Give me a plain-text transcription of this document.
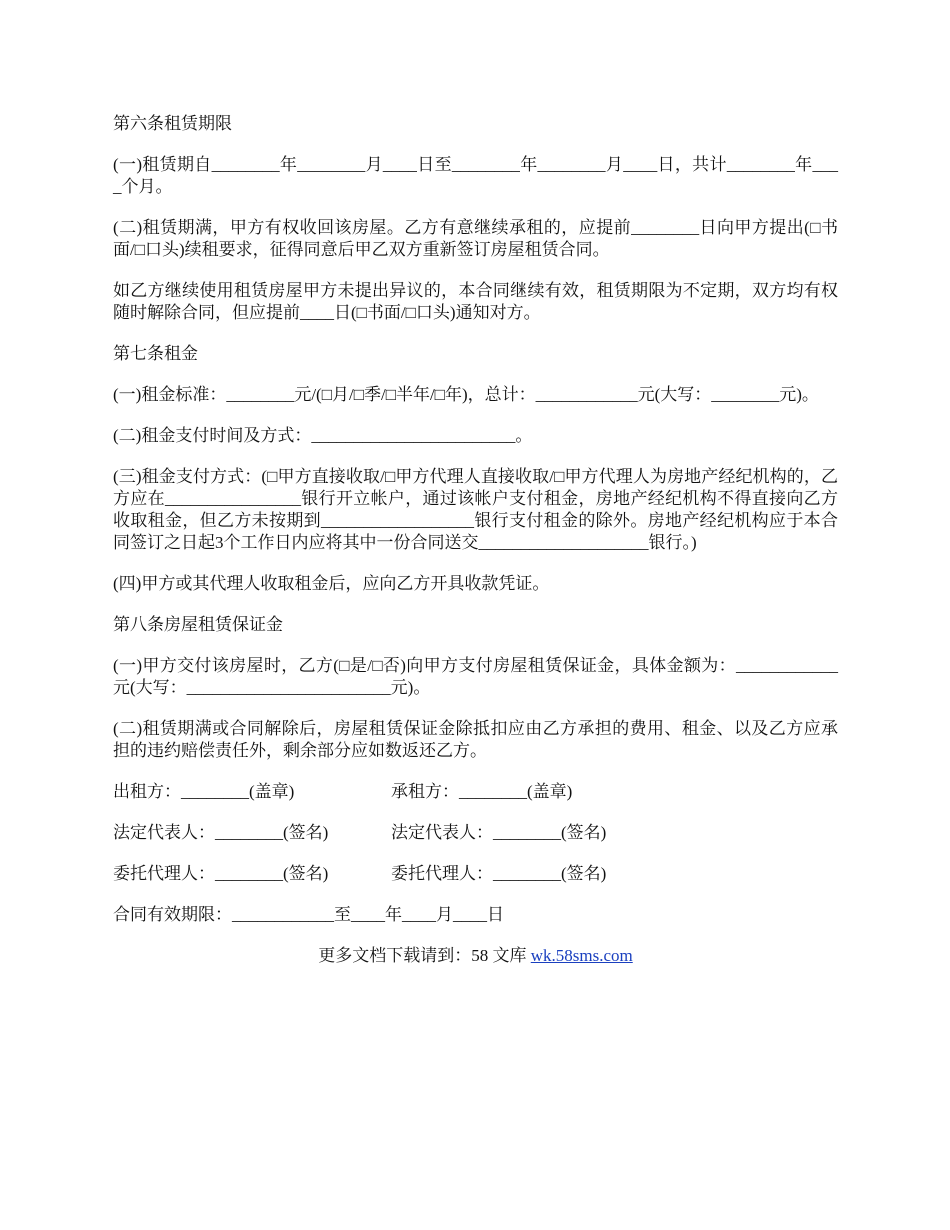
第六条租赁期限

(一)租赁期自________年________月____日至________年________月____日，共计________年____个月。

(二)租赁期满，甲方有权收回该房屋。乙方有意继续承租的，应提前________日向甲方提出(□书面/□口头)续租要求，征得同意后甲乙双方重新签订房屋租赁合同。

如乙方继续使用租赁房屋甲方未提出异议的，本合同继续有效，租赁期限为不定期，双方均有权随时解除合同，但应提前____日(□书面/□口头)通知对方。

第七条租金

(一)租金标准：________元/(□月/□季/□半年/□年)，总计：____________元(大写：________元)。

(二)租金支付时间及方式：________________________。

(三)租金支付方式：(□甲方直接收取/□甲方代理人直接收取/□甲方代理人为房地产经纪机构的，乙方应在________________银行开立帐户，通过该帐户支付租金，房地产经纪机构不得直接向乙方收取租金，但乙方未按期到__________________银行支付租金的除外。房地产经纪机构应于本合同签订之日起3个工作日内应将其中一份合同送交____________________银行。)

(四)甲方或其代理人收取租金后，应向乙方开具收款凭证。

第八条房屋租赁保证金

(一)甲方交付该房屋时，乙方(□是/□否)向甲方支付房屋租赁保证金，具体金额为：____________元(大写：________________________元)。

(二)租赁期满或合同解除后，房屋租赁保证金除抵扣应由乙方承担的费用、租金、以及乙方应承担的违约赔偿责任外，剩余部分应如数返还乙方。

出租方：________(盖章)	承租方：________(盖章)
法定代表人：________(签名)	法定代表人：________(签名)
委托代理人：________(签名)	委托代理人：________(签名)
合同有效期限：____________至____年____月____日
更多文档下载请到：58 文库 wk.58sms.com
